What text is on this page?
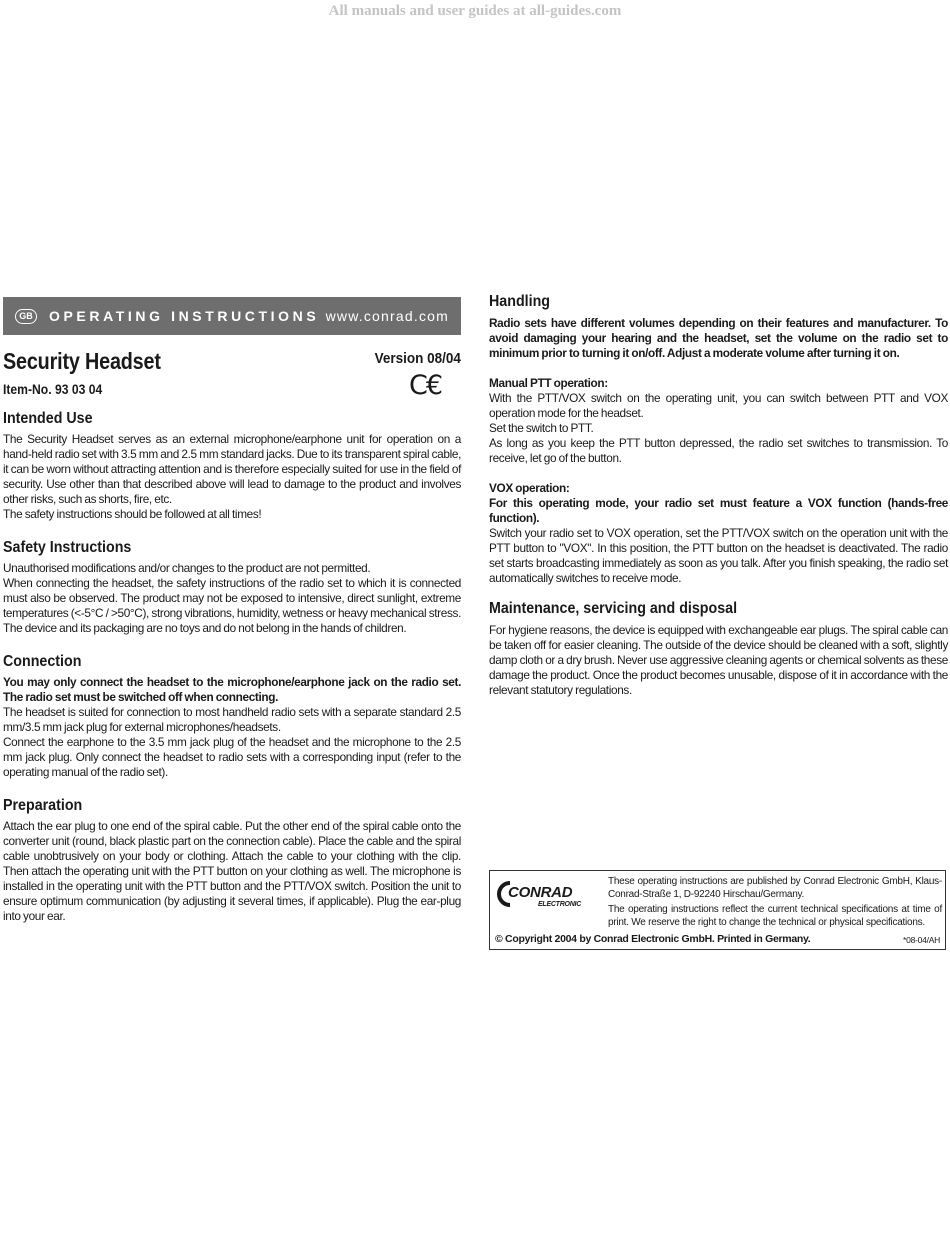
All manuals and user guides at all-guides.com
GB	OPERATING INSTRUCTIONS www.conrad.com
Security Headset	Version 08/04
Item-No. 93 03 04	C€
Intended Use

The Security Headset serves as an external microphone/earphone unit for operation on a hand-held radio set with 3.5 mm and 2.5 mm standard jacks. Due to its transparent spiral cable, it can be worn without attracting attention and is therefore especially suited for use in the field of security. Use other than that described above will lead to damage to the product and involves other risks, such as shorts, fire, etc.

The safety instructions should be followed at all times!

Safety Instructions

Unauthorised modifications and/or changes to the product are not permitted.

When connecting the headset, the safety instructions of the radio set to which it is connected must also be observed. The product may not be exposed to intensive, direct sunlight, extreme temperatures (<-5°C / >50°C), strong vibrations, humidity, wetness or heavy mechanical stress. The device and its packaging are no toys and do not belong in the hands of children.

Connection

You may only connect the headset to the microphone/earphone jack on the radio set. The radio set must be switched off when connecting.

The headset is suited for connection to most handheld radio sets with a separate standard 2.5 mm/3.5 mm jack plug for external microphones/headsets.

Connect the earphone to the 3.5 mm jack plug of the headset and the microphone to the 2.5 mm jack plug. Only connect the headset to radio sets with a corresponding input (refer to the operating manual of the radio set).

Preparation

Attach the ear plug to one end of the spiral cable. Put the other end of the spiral cable onto the converter unit (round, black plastic part on the connection cable). Place the cable and the spiral cable unobtrusively on your body or clothing. Attach the cable to your clothing with the clip. Then attach the operating unit with the PTT button on your clothing as well. The microphone is installed in the operating unit with the PTT button and the PTT/VOX switch. Position the unit to ensure optimum communication (by adjusting it several times, if applicable). Plug the ear-plug into your ear.

Handling

Radio sets have different volumes depending on their features and manufacturer. To avoid damaging your hearing and the headset, set the volume on the radio set to minimum prior to turning it on/off. Adjust a moderate volume after turning it on.

Manual PTT operation:

With the PTT/VOX switch on the operating unit, you can switch between PTT and VOX operation mode for the headset.

Set the switch to PTT.

As long as you keep the PTT button depressed, the radio set switches to transmission. To receive, let go of the button.

VOX operation:

For this operating mode, your radio set must feature a VOX function (hands-free function).

Switch your radio set to VOX operation, set the PTT/VOX switch on the operation unit with the PTT button to "VOX". In this position, the PTT button on the headset is deactivated. The radio set starts broadcasting immediately as soon as you talk. After you finish speaking, the radio set automatically switches to receive mode.

Maintenance, servicing and disposal

For hygiene reasons, the device is equipped with exchangeable ear plugs. The spiral cable can be taken off for easier cleaning. The outside of the device should be cleaned with a soft, slightly damp cloth or a dry brush. Never use aggressive cleaning agents or chemical solvents as these damage the product. Once the product becomes unusable, dispose of it in accordance with the relevant statutory regulations.

CONRAD
ELECTRONIC

These operating instructions are published by Conrad Electronic GmbH, Klaus-Conrad-Straße 1, D-92240 Hirschau/Germany.

The operating instructions reflect the current technical specifications at time of print. We reserve the right to change the technical or physical specifications.

© Copyright 2004 by Conrad Electronic GmbH. Printed in Germany.	*08-04/AH
